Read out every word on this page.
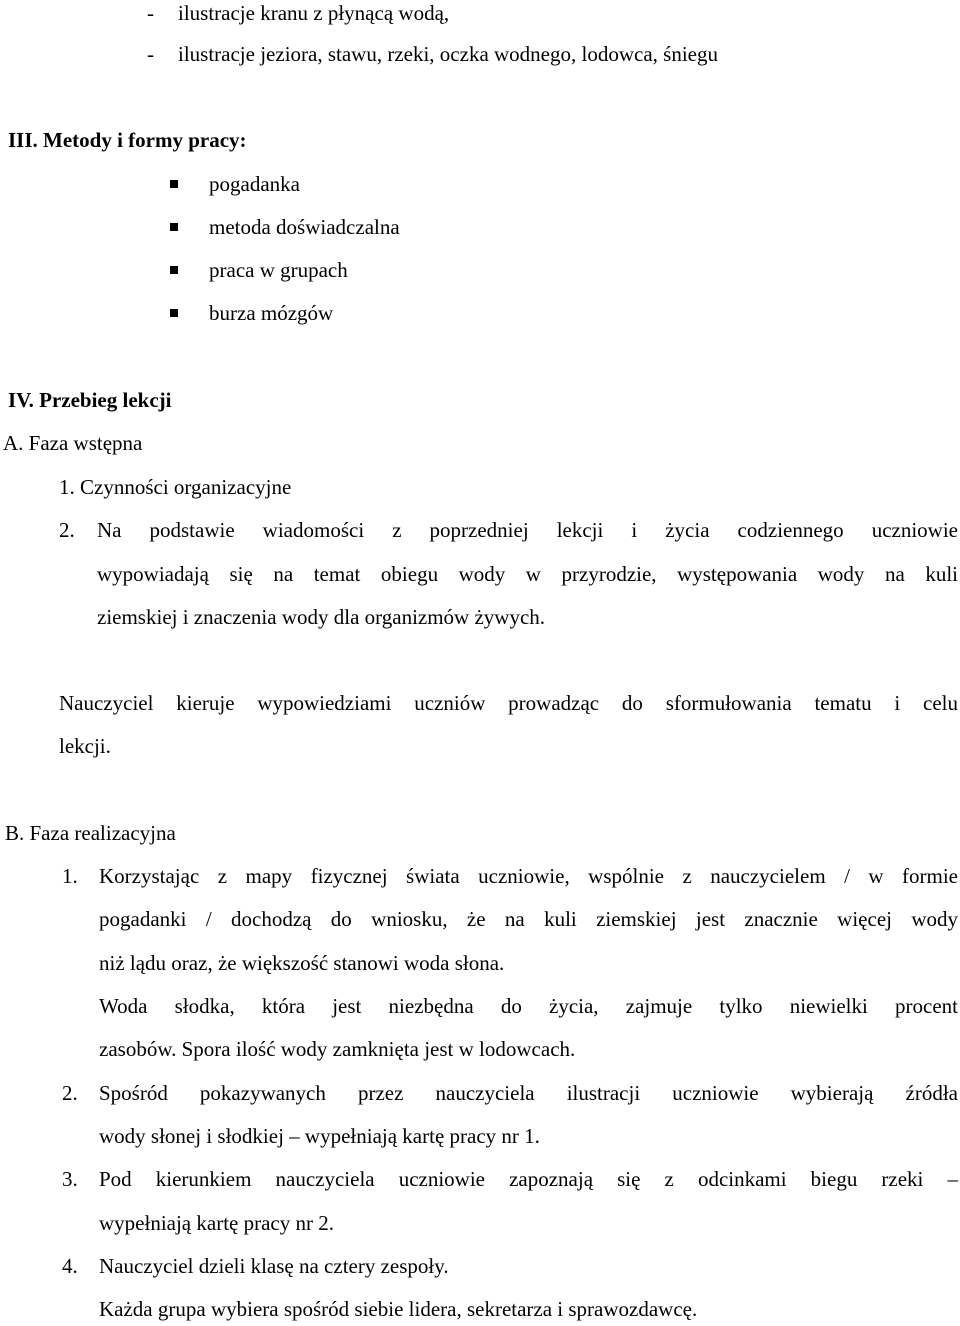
- ilustracje kranu z płynącą wodą,
- ilustracje jeziora, stawu, rzeki, oczka wodnego, lodowca, śniegu
III. Metody i formy pracy:
pogadanka
metoda doświadczalna
praca w grupach
burza mózgów
IV. Przebieg lekcji
A. Faza wstępna
1. Czynności organizacyjne
2. Na podstawie wiadomości z poprzedniej lekcji i życia codziennego uczniowie
wypowiadają się na temat obiegu wody w przyrodzie, występowania wody na kuli
ziemskiej i znaczenia wody dla organizmów żywych.
Nauczyciel kieruje wypowiedziami uczniów prowadząc do sformułowania tematu i celu
lekcji.
B. Faza realizacyjna
1. Korzystając z mapy fizycznej świata uczniowie, wspólnie z nauczycielem / w formie
pogadanki / dochodzą do wniosku, że na kuli ziemskiej jest znacznie więcej wody
niż lądu oraz, że większość stanowi woda słona.
Woda słodka, która jest niezbędna do życia, zajmuje tylko niewielki procent
zasobów. Spora ilość wody zamknięta jest w lodowcach.
2. Spośród pokazywanych przez nauczyciela ilustracji uczniowie wybierają źródła
wody słonej i słodkiej – wypełniają kartę pracy nr 1.
3. Pod kierunkiem nauczyciela uczniowie zapoznają się z odcinkami biegu rzeki –
wypełniają kartę pracy nr 2.
4. Nauczyciel dzieli klasę na cztery zespoły.
Każda grupa wybiera spośród siebie lidera, sekretarza i sprawozdawcę.
